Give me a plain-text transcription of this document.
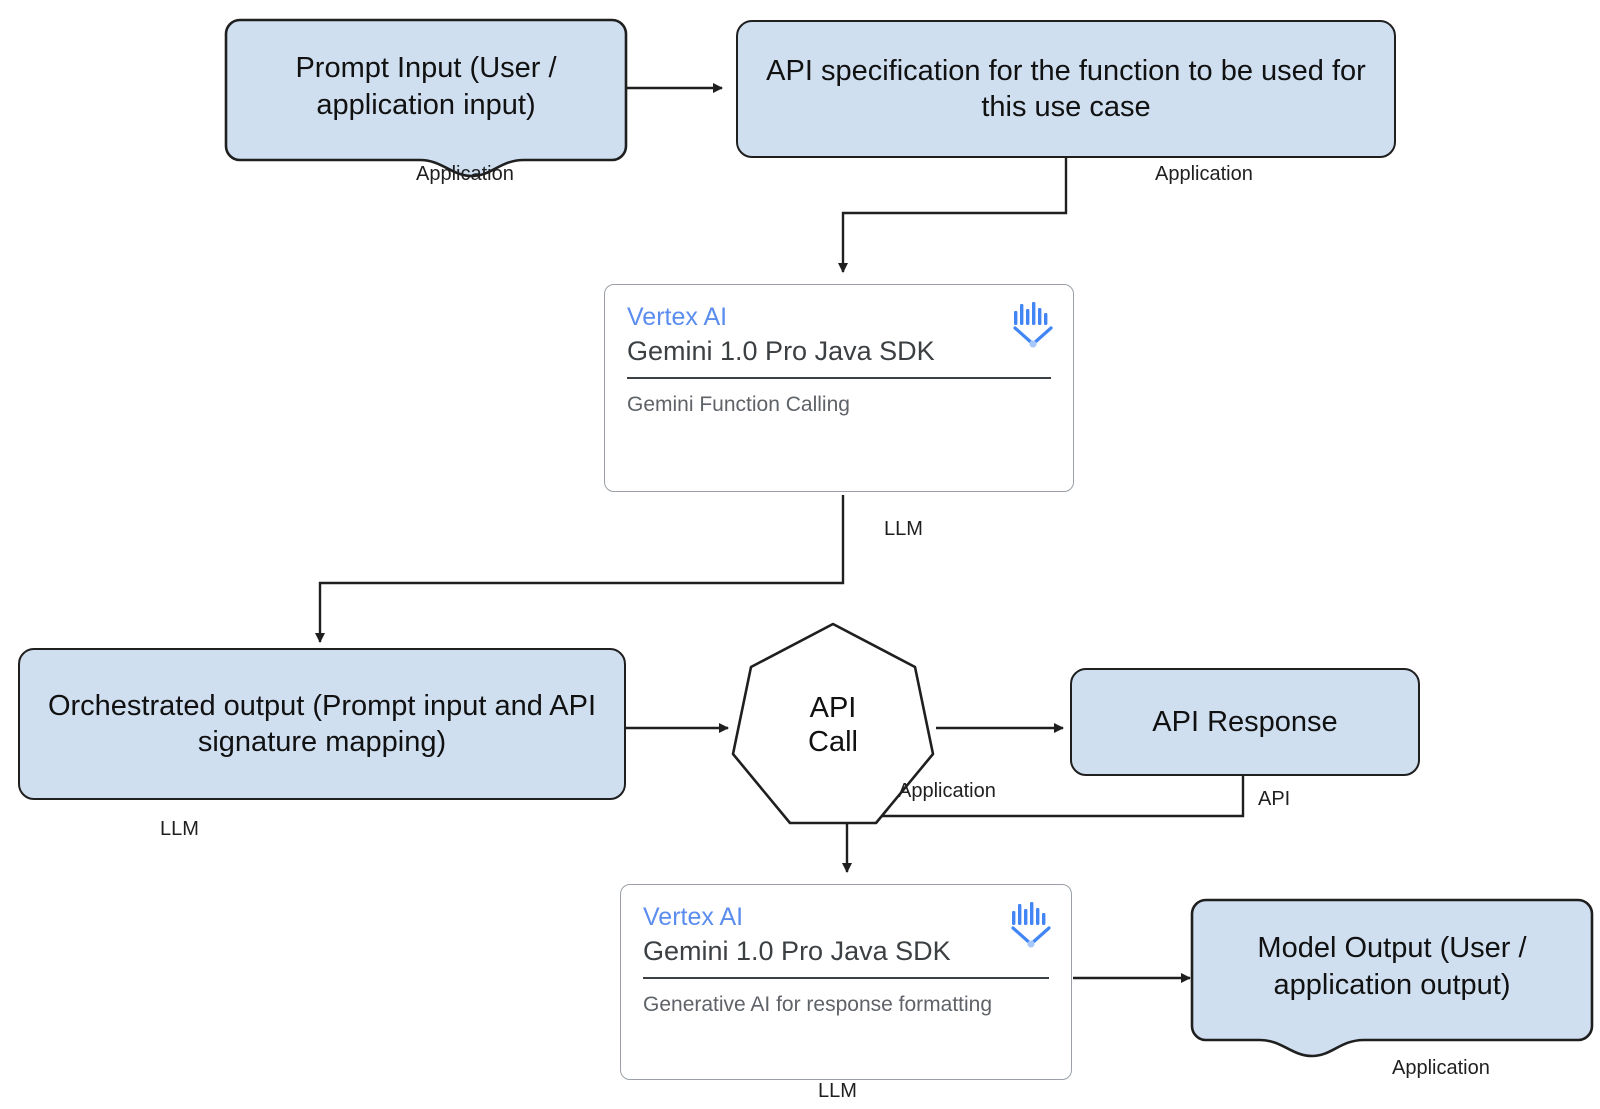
Prompt Input (User / application input)
Application
API specification for the function to be used for this use case
Application
Vertex AI
Gemini 1.0 Pro Java SDK
Gemini Function Calling
LLM
Orchestrated output (Prompt input and API signature mapping)
LLM
API
Call
Application
API Response
API
Vertex AI
Gemini 1.0 Pro Java SDK
Generative AI for response formatting
LLM
Model Output (User / application output)
Application
